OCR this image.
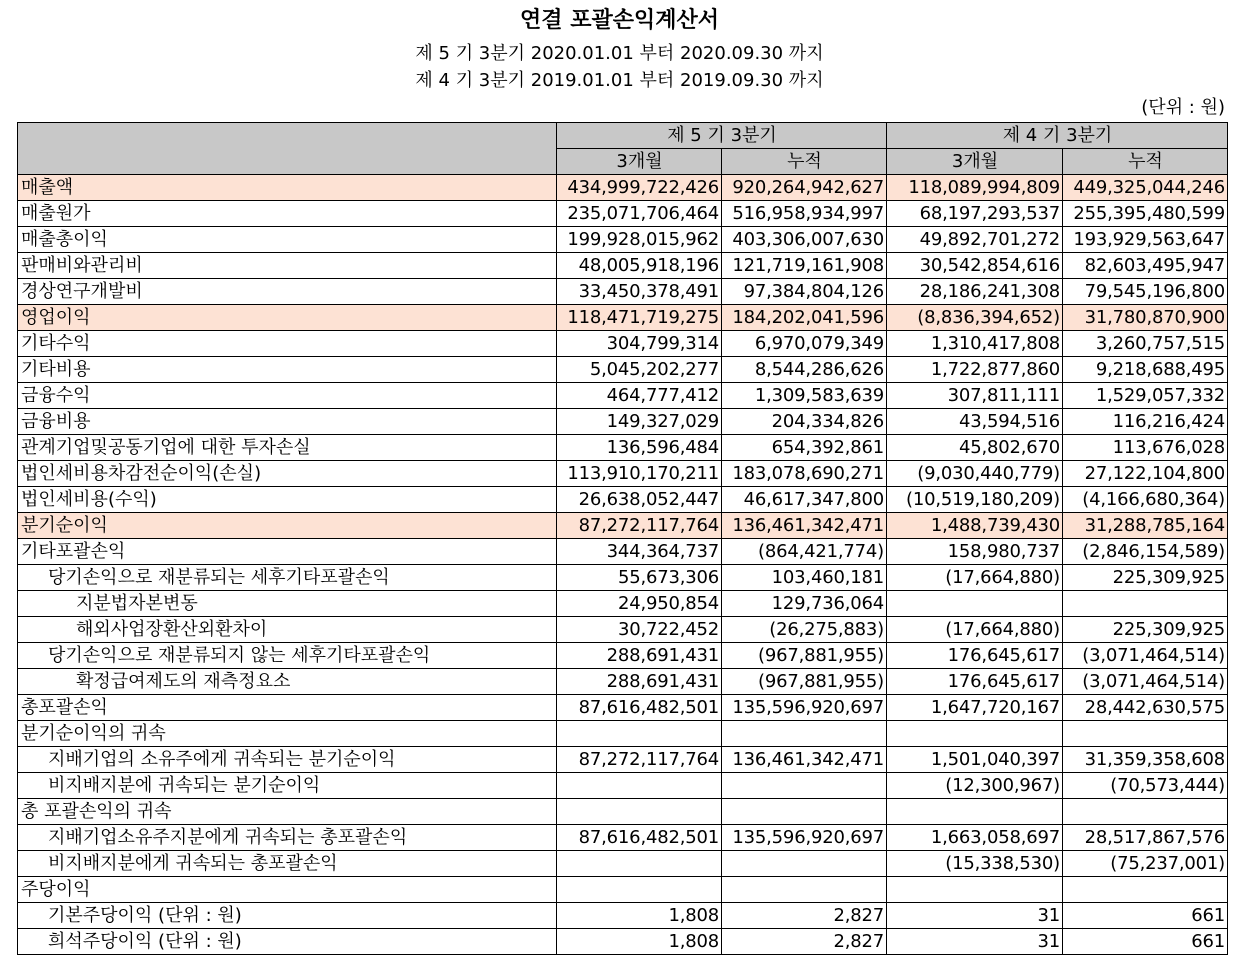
연결 포괄손익계산서
제 5 기 3분기 2020.01.01 부터 2020.09.30 까지
제 4 기 3분기 2019.01.01 부터 2019.09.30 까지
(단위 : 원)
	제 5 기 3분기		제 4 기 3분기	
	3개월	누적	3개월	누적
매출액	434,999,722,426	920,264,942,627	118,089,994,809	449,325,044,246
매출원가	235,071,706,464	516,958,934,997	68,197,293,537	255,395,480,599
매출총이익	199,928,015,962	403,306,007,630	49,892,701,272	193,929,563,647
판매비와관리비	48,005,918,196	121,719,161,908	30,542,854,616	82,603,495,947
경상연구개발비	33,450,378,491	97,384,804,126	28,186,241,308	79,545,196,800
영업이익	118,471,719,275	184,202,041,596	(8,836,394,652)	31,780,870,900
기타수익	304,799,314	6,970,079,349	1,310,417,808	3,260,757,515
기타비용	5,045,202,277	8,544,286,626	1,722,877,860	9,218,688,495
금융수익	464,777,412	1,309,583,639	307,811,111	1,529,057,332
금융비용	149,327,029	204,334,826	43,594,516	116,216,424
관계기업및공동기업에 대한 투자손실	136,596,484	654,392,861	45,802,670	113,676,028
법인세비용차감전순이익(손실)	113,910,170,211	183,078,690,271	(9,030,440,779)	27,122,104,800
법인세비용(수익)	26,638,052,447	46,617,347,800	(10,519,180,209)	(4,166,680,364)
분기순이익	87,272,117,764	136,461,342,471	1,488,739,430	31,288,785,164
기타포괄손익	344,364,737	(864,421,774)	158,980,737	(2,846,154,589)
당기손익으로 재분류되는 세후기타포괄손익	55,673,306	103,460,181	(17,664,880)	225,309,925
지분법자본변동	24,950,854	129,736,064		
해외사업장환산외환차이	30,722,452	(26,275,883)	(17,664,880)	225,309,925
당기손익으로 재분류되지 않는 세후기타포괄손익	288,691,431	(967,881,955)	176,645,617	(3,071,464,514)
확정급여제도의 재측정요소	288,691,431	(967,881,955)	176,645,617	(3,071,464,514)
총포괄손익	87,616,482,501	135,596,920,697	1,647,720,167	28,442,630,575
분기순이익의 귀속				
지배기업의 소유주에게 귀속되는 분기순이익	87,272,117,764	136,461,342,471	1,501,040,397	31,359,358,608
비지배지분에 귀속되는 분기순이익			(12,300,967)	(70,573,444)
총 포괄손익의 귀속				
지배기업소유주지분에게 귀속되는 총포괄손익	87,616,482,501	135,596,920,697	1,663,058,697	28,517,867,576
비지배지분에게 귀속되는 총포괄손익			(15,338,530)	(75,237,001)
주당이익				
기본주당이익 (단위 : 원)	1,808	2,827	31	661
희석주당이익 (단위 : 원)	1,808	2,827	31	661
